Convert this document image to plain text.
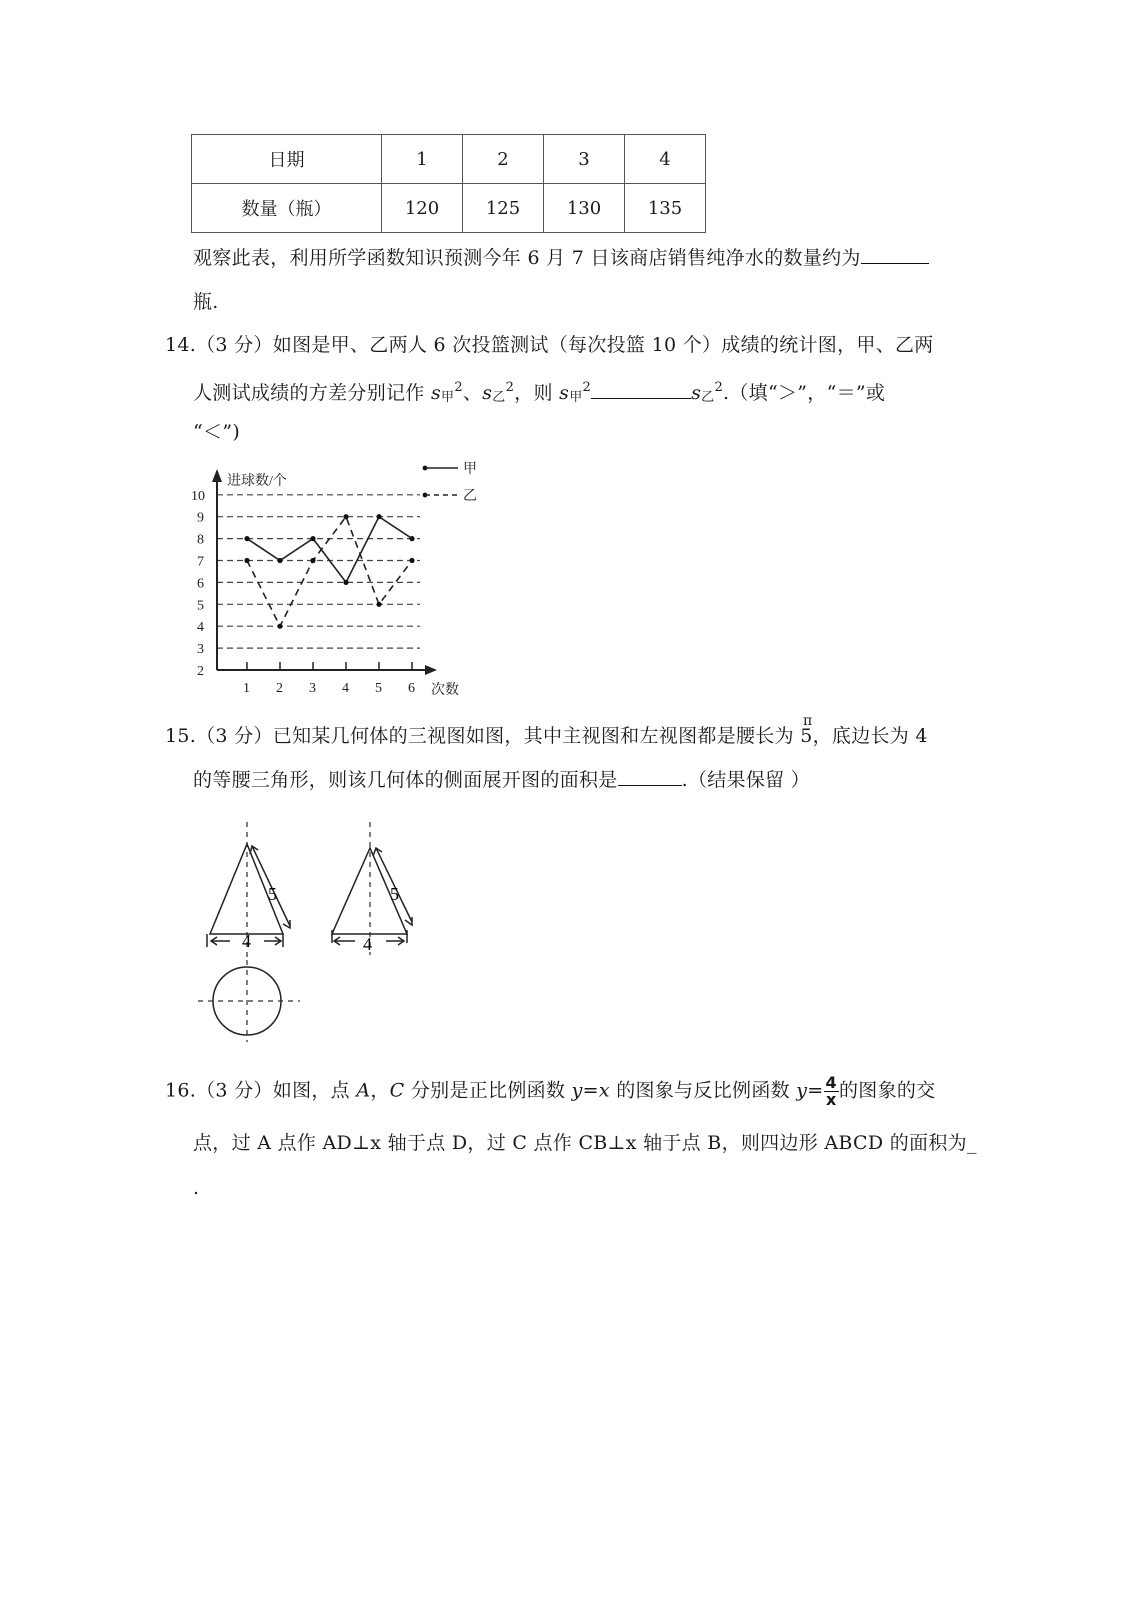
日期	1	2	3	4
数量（瓶）	120	125	130	135
观察此表，利用所学函数知识预测今年 6 月 7 日该商店销售纯净水的数量约为
瓶.
14.（3 分）如图是甲、乙两人 6 次投篮测试（每次投篮 10 个）成绩的统计图，甲、乙两
人测试成绩的方差分别记作 s甲$^2$、s乙$^2$，则 s甲$^2$	s乙$^2$.（填“＞”，“＝”或
“＜”)
2
3
4
5
6
7
8
9
10
进球数/个
1 2 3 4 5 6 次数
甲
乙
15.（3 分）已知某几何体的三视图如图，其中主视图和左视图都是腰长为 5，底边长为 4
π
的等腰三角形，则该几何体的侧面展开图的面积是	.（结果保留 ）
4
5
4
5
16.（3 分）如图，点 A，C 分别是正比例函数 y=x 的图象与反比例函数 $y= \frac{4}{x}$ 的图象的交
点，过 A 点作 AD⊥x 轴于点 D，过 C 点作 CB⊥x 轴于点 B，则四边形 ABCD 的面积为_
.
